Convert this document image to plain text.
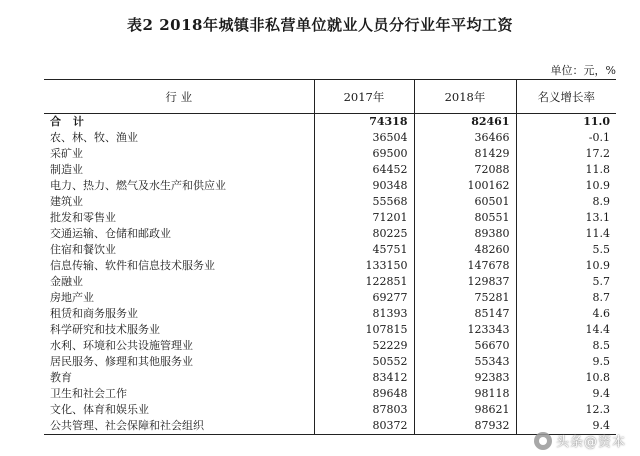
表2 2018年城镇非私营单位就业人员分行业年平均工资
单位：元，%
行 业	2017年	2018年	名义增长率
合 计	74318	82461	11.0
农、林、牧、渔业	36504	36466	-0.1
采矿业	69500	81429	17.2
制造业	64452	72088	11.8
电力、热力、燃气及水生产和供应业	90348	100162	10.9
建筑业	55568	60501	8.9
批发和零售业	71201	80551	13.1
交通运输、仓储和邮政业	80225	89380	11.4
住宿和餐饮业	45751	48260	5.5
信息传输、软件和信息技术服务业	133150	147678	10.9
金融业	122851	129837	5.7
房地产业	69277	75281	8.7
租赁和商务服务业	81393	85147	4.6
科学研究和技术服务业	107815	123343	14.4
水利、环境和公共设施管理业	52229	56670	8.5
居民服务、修理和其他服务业	50552	55343	9.5
教育	83412	92383	10.8
卫生和社会工作	89648	98118	9.4
文化、体育和娱乐业	87803	98621	12.3
公共管理、社会保障和社会组织	80372	87932	9.4
头条@资本
